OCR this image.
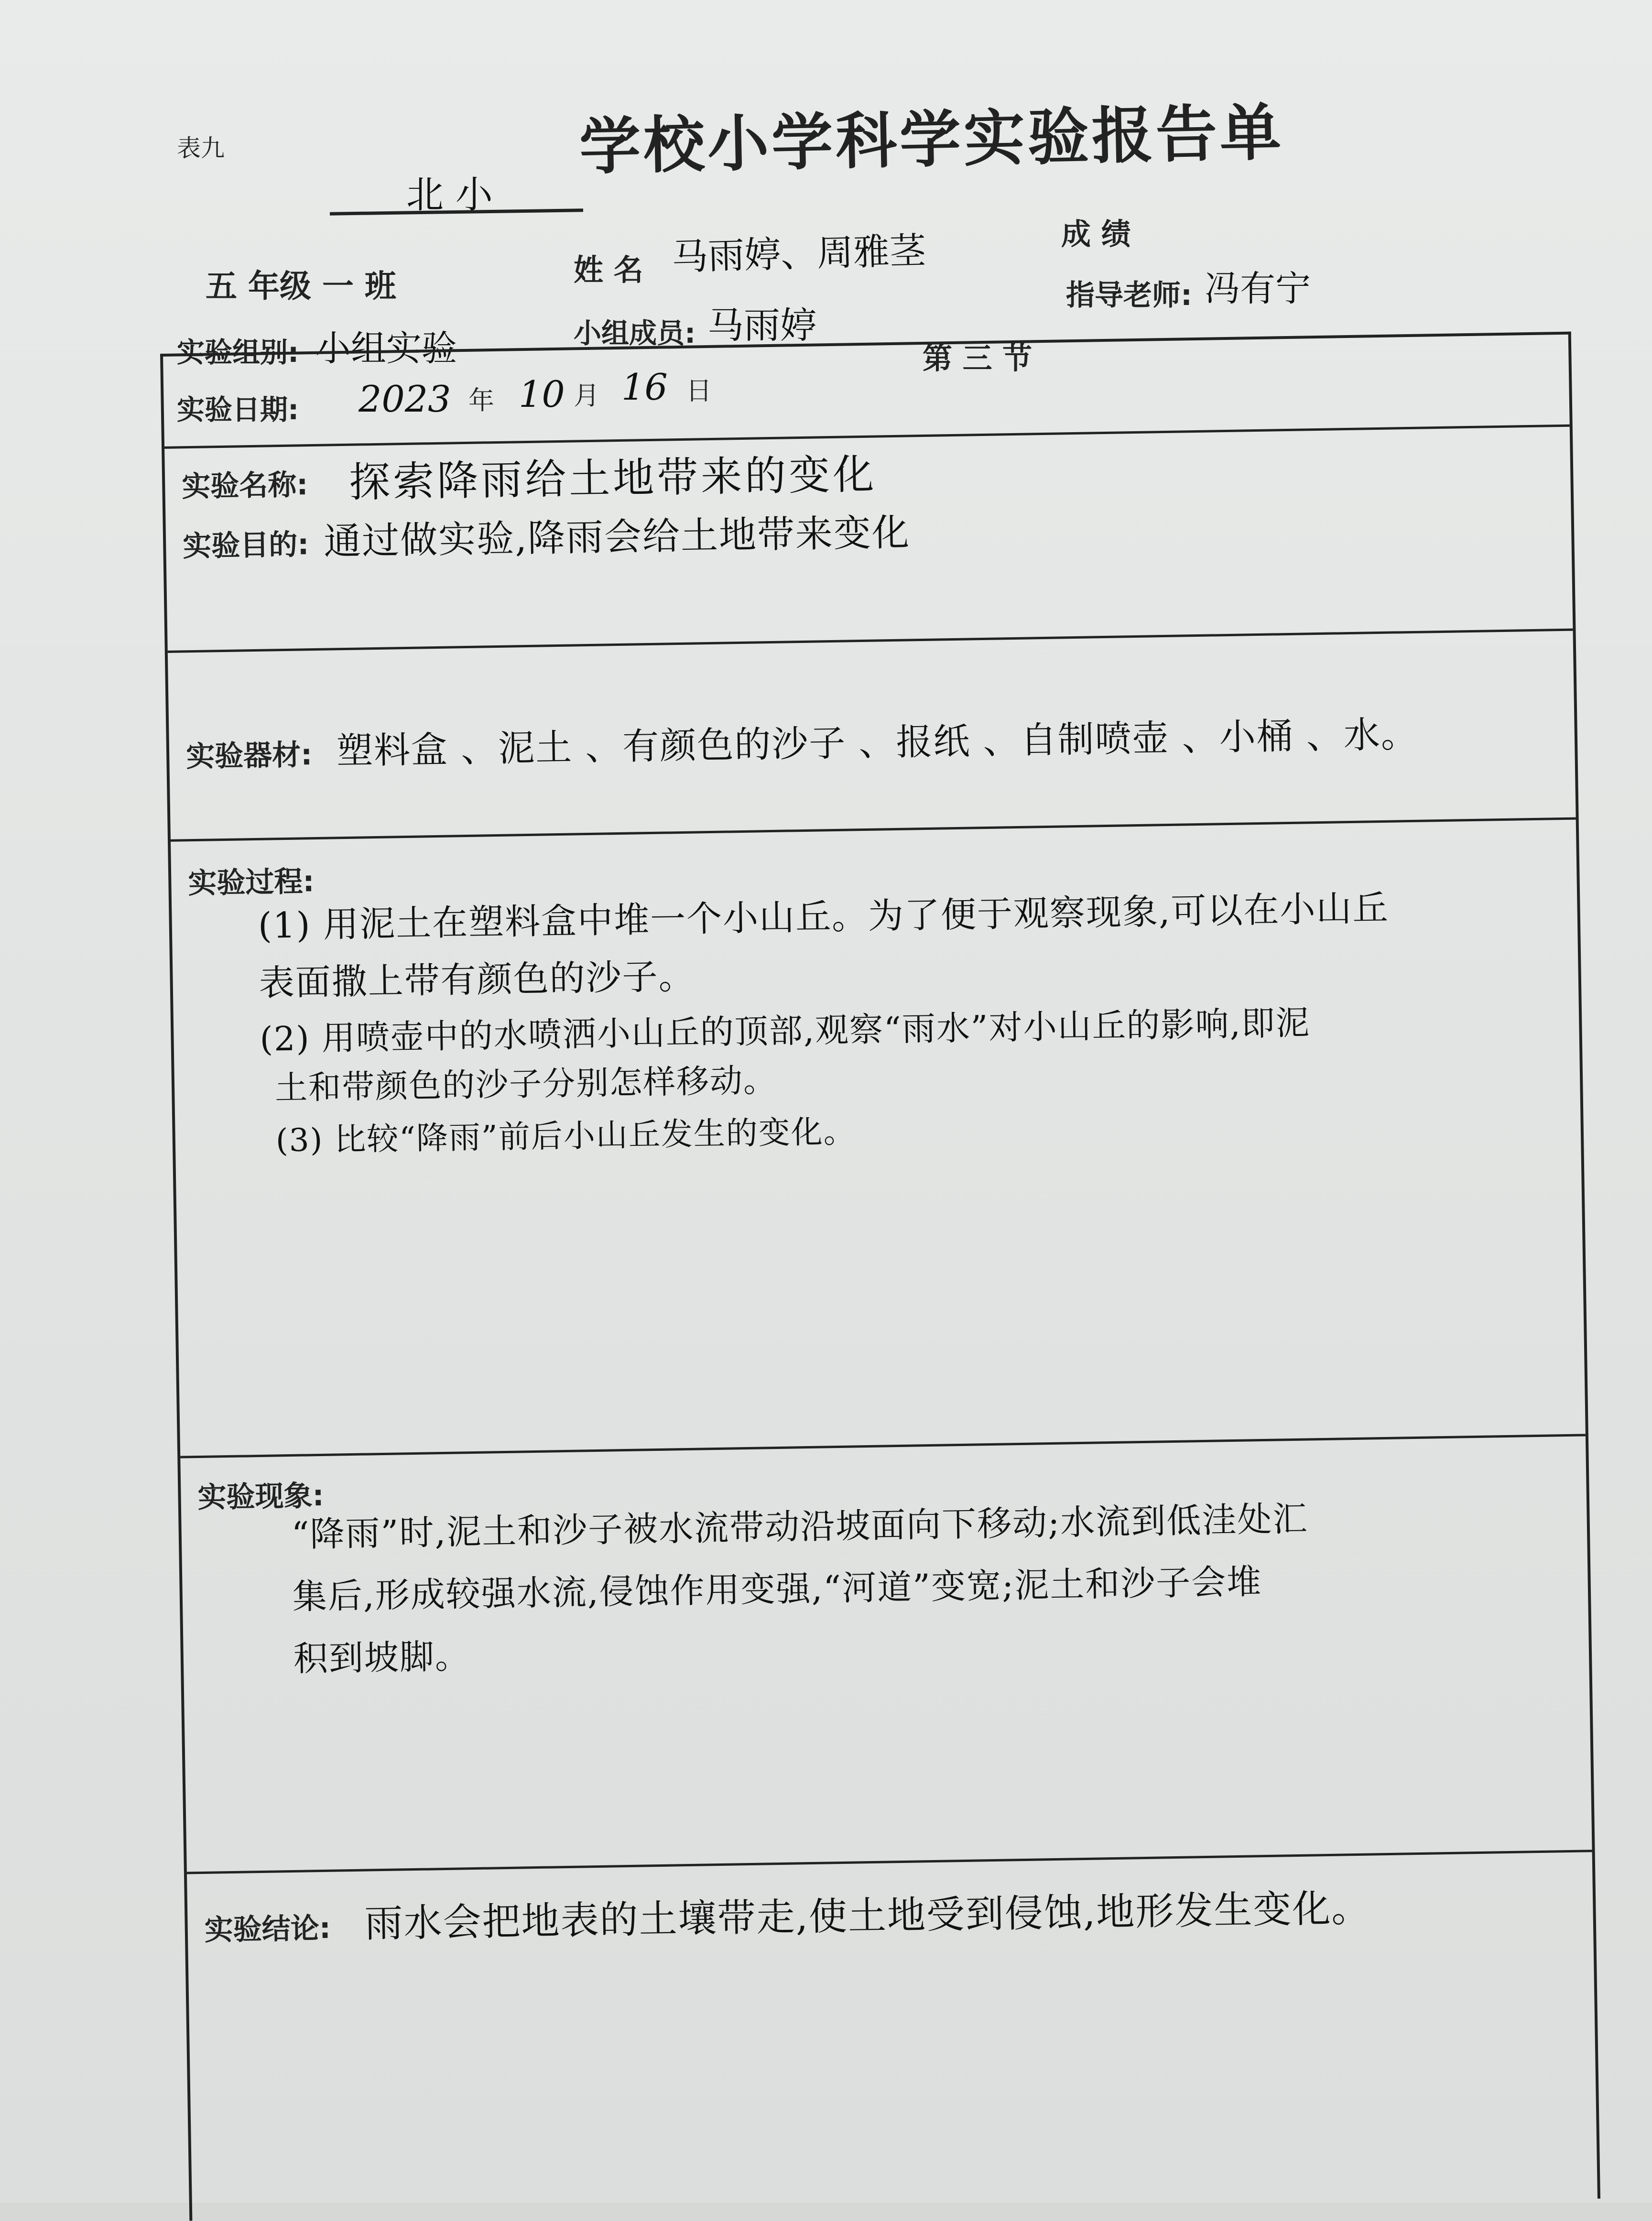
表九
北 小
学校小学科学实验报告单
五 年级 一 班	姓 名 马雨婷、周雅茎	成 绩
指导老师: 冯有宁
实验组别: 小组实验	小组成员: 马雨婷
第 三 节
实验日期: 2023 年 10 月 16 日
实验名称: 探索降雨给土地带来的变化
实验目的: 通过做实验,降雨会给土地带来变化
实验器材: 塑料盒 、泥土 、有颜色的沙子 、报纸 、自制喷壶 、小桶 、水。
实验过程:
(1) 用泥土在塑料盒中堆一个小山丘。为了便于观察现象,可以在小山丘
表面撒上带有颜色的沙子。
(2) 用喷壶中的水喷洒小山丘的顶部,观察“雨水”对小山丘的影响,即泥
土和带颜色的沙子分别怎样移动。
(3) 比较“降雨”前后小山丘发生的变化。
实验现象:
“降雨”时,泥土和沙子被水流带动沿坡面向下移动;水流到低洼处汇
集后,形成较强水流,侵蚀作用变强,“河道”变宽;泥土和沙子会堆
积到坡脚。
实验结论: 雨水会把地表的土壤带走,使土地受到侵蚀,地形发生变化。
